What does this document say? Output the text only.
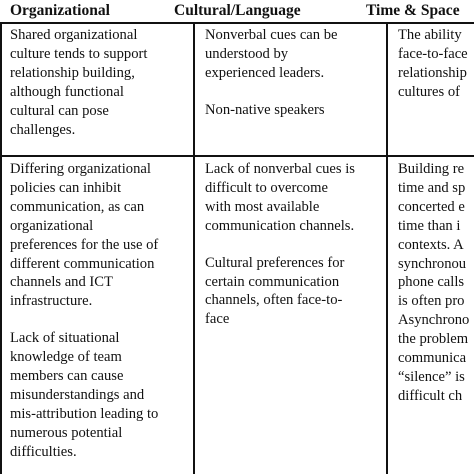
Organizational	Cultural/Language	Time & Space
Shared organizational
culture tends to support
relationship building,
although functional
cultural can pose
challenges.
Nonverbal cues can be
understood by
experienced leaders.
Non-native speakers
The ability
face-to-face
relationship
cultures of
Differing organizational
policies can inhibit
communication, as can
organizational
preferences for the use of
different communication
channels and ICT
infrastructure.
Lack of situational
knowledge of team
members can cause
misunderstandings and
mis-attribution leading to
numerous potential
difficulties.
Lack of nonverbal cues is
difficult to overcome
with most available
communication channels.
Cultural preferences for
certain communication
channels, often face-to-
face
Building re
time and sp
concerted e
time than i
contexts. A
synchronou
phone calls
is often pro
Asynchrono
the problem
communica
“silence” is
difficult ch
